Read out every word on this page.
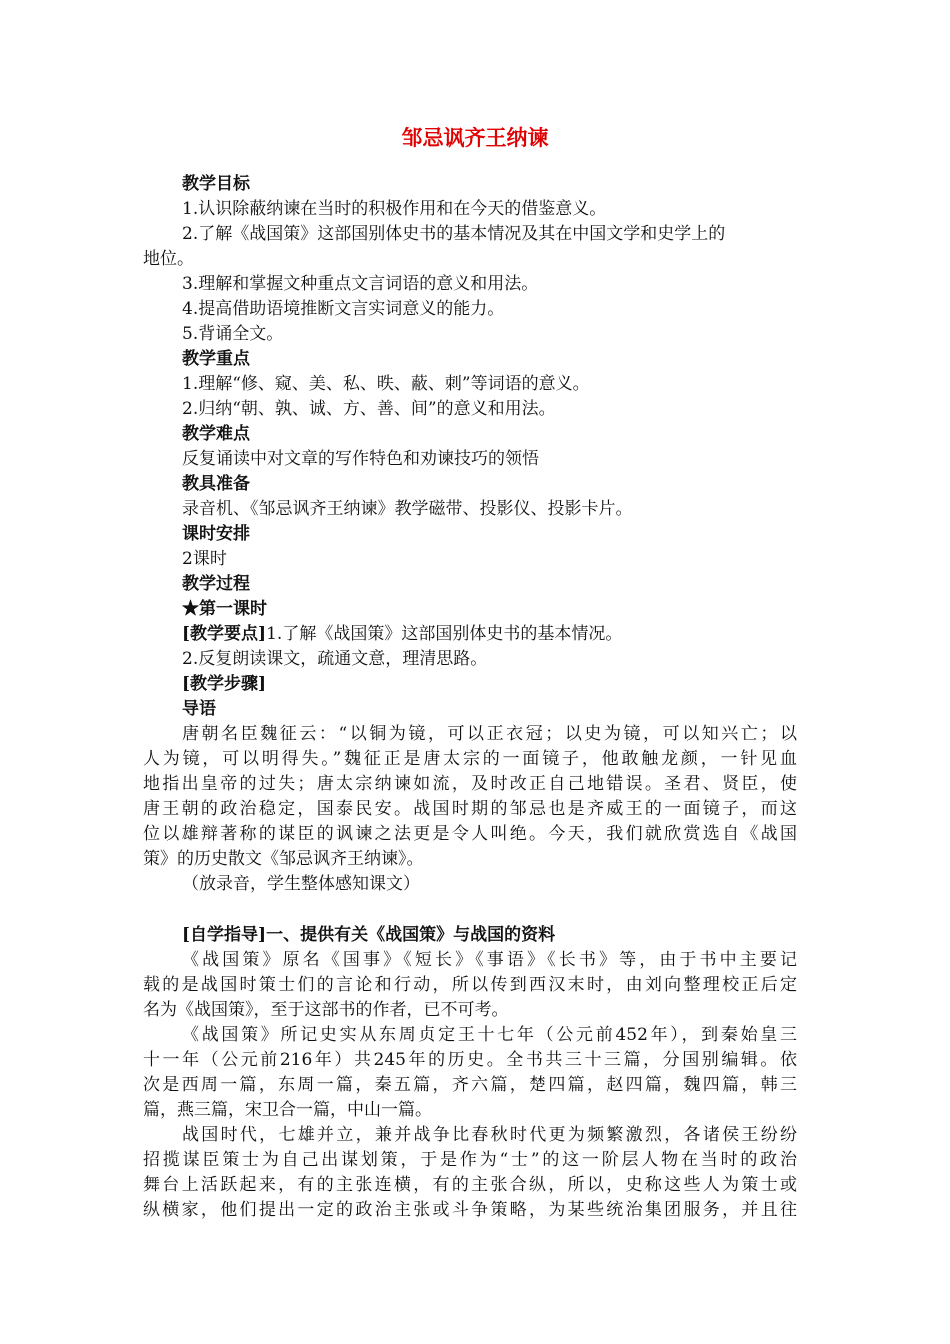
邹忌讽齐王纳谏
教学目标
1.认识除蔽纳谏在当时的积极作用和在今天的借鉴意义。
2.了解《战国策》这部国别体史书的基本情况及其在中国文学和史学上的
地位。
3.理解和掌握文种重点文言词语的意义和用法。
4.提高借助语境推断文言实词意义的能力。
5.背诵全文。
教学重点
1.理解“修、窥、美、私、昳、蔽、刺”等词语的意义。
2.归纳“朝、孰、诚、方、善、间”的意义和用法。
教学难点
反复诵读中对文章的写作特色和劝谏技巧的领悟
教具准备
录音机、《邹忌讽齐王纳谏》教学磁带、投影仪、投影卡片。
课时安排
2课时
教学过程
★第一课时
[教学要点]1.了解《战国策》这部国别体史书的基本情况。
2.反复朗读课文，疏通文意，理清思路。
[教学步骤]
导语
唐朝名臣魏征云：“以铜为镜，可以正衣冠；以史为镜，可以知兴亡；以
人为镜，可以明得失。”魏征正是唐太宗的一面镜子，他敢触龙颜，一针见血
地指出皇帝的过失；唐太宗纳谏如流，及时改正自己地错误。圣君、贤臣，使
唐王朝的政治稳定，国泰民安。战国时期的邹忌也是齐威王的一面镜子，而这
位以雄辩著称的谋臣的讽谏之法更是令人叫绝。今天，我们就欣赏选自《战国
策》的历史散文《邹忌讽齐王纳谏》。
（放录音，学生整体感知课文）
[自学指导]一、提供有关《战国策》与战国的资料
《战国策》原名《国事》《短长》《事语》《长书》等，由于书中主要记
载的是战国时策士们的言论和行动，所以传到西汉末时，由刘向整理校正后定
名为《战国策》，至于这部书的作者，已不可考。
《战国策》所记史实从东周贞定王十七年（公元前452年），到秦始皇三
十一年（公元前216年）共245年的历史。全书共三十三篇，分国别编辑。依
次是西周一篇，东周一篇，秦五篇，齐六篇，楚四篇，赵四篇，魏四篇，韩三
篇，燕三篇，宋卫合一篇，中山一篇。
战国时代，七雄并立，兼并战争比春秋时代更为频繁激烈，各诸侯王纷纷
招揽谋臣策士为自己出谋划策，于是作为“士”的这一阶层人物在当时的政治
舞台上活跃起来，有的主张连横，有的主张合纵，所以，史称这些人为策士或
纵横家，他们提出一定的政治主张或斗争策略，为某些统治集团服务，并且往
